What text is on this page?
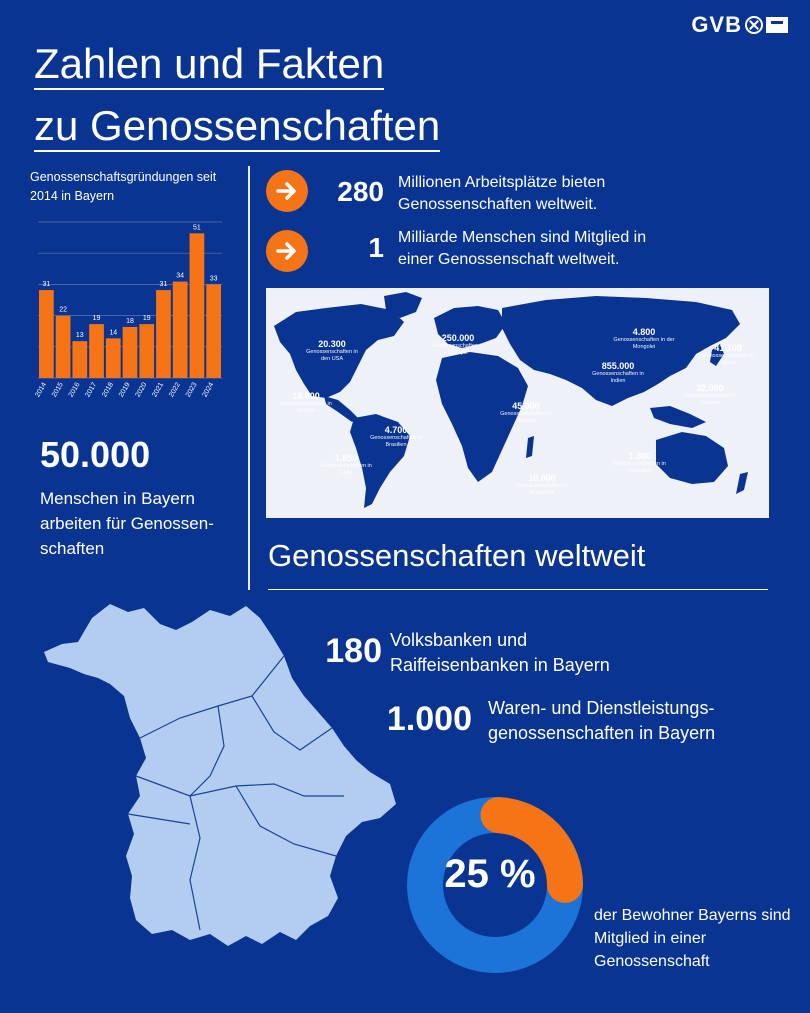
GVB
Zahlen und Fakten
zu Genossenschaften
Genossenschaftsgründungen seit 2014 in Bayern
31
2014
22
2015
13
2016
19
2017
14
2018
18
2019
19
2020
31
2021
34
2022
51
2023
33
2024
50.000
Menschen in Bayern arbeiten für Genossen-schaften
280 Millionen Arbeitsplätze bieten Genossenschaften weltweit.
1 Milliarde Menschen sind Mitglied in einer Genossenschaft weltweit.
20.300
Genossenschaften in den USA
250.000
Genossenschaften in Europa
4.800
Genossenschaften in der Mongolei	41.100
Genossenschaften in Japan
855.000
Genossenschaften in Indien
32.000
Genossenschaften in Vietnam
18.000
Genossenschaften in Mexiko	45.000
Genossenschaften in Uganda
4.700
Genossenschaften in Brasilien
1.850
Genossenschaften in Chile
1.800
Genossenschaften in Australien
10.000
Genossenschaften in Mosambik
Genossenschaften weltweit
180 Volksbanken und
Raiffeisenbanken in Bayern
1.000 Waren- und Dienstleistungs-
genossenschaften in Bayern
25 %
der Bewohner Bayerns sind Mitglied in einer Genossenschaft
